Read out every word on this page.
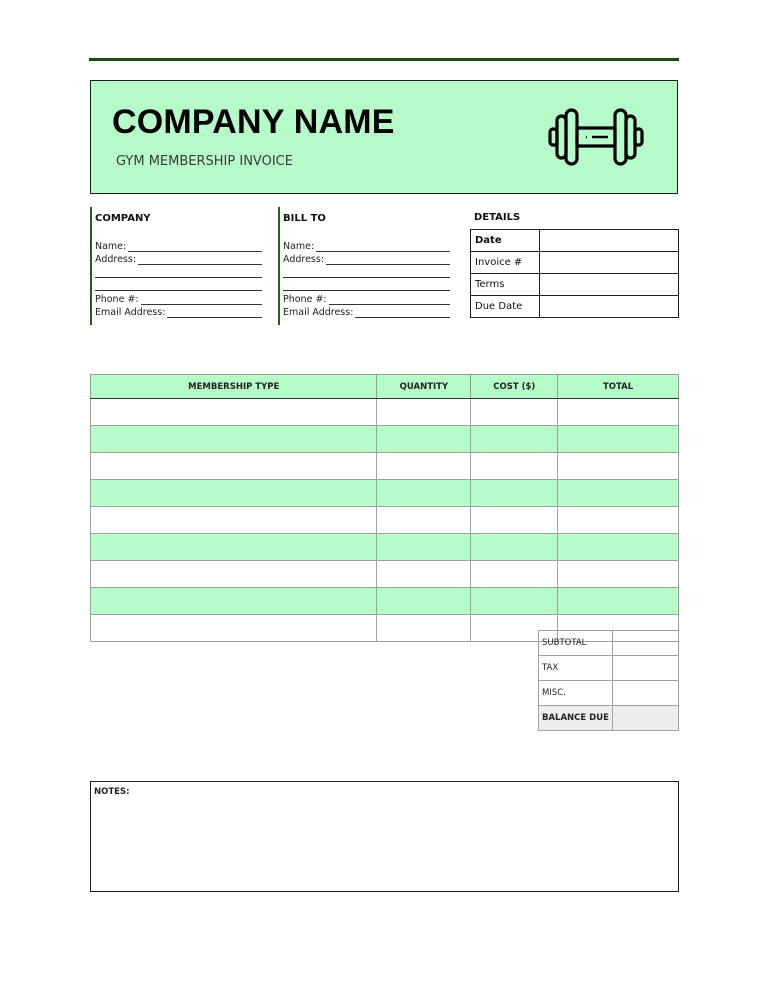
COMPANY NAME
GYM MEMBERSHIP INVOICE
COMPANY
Name:
Address:
Phone #:
Email Address:
BILL TO
Name:
Address:
Phone #:
Email Address:
DETAILS
Date	
Invoice #	
Terms	
Due Date	
MEMBERSHIP TYPE	QUANTITY	COST ($)	TOTAL

SUBTOTAL	
TAX	
MISC.	
BALANCE DUE	
NOTES:
